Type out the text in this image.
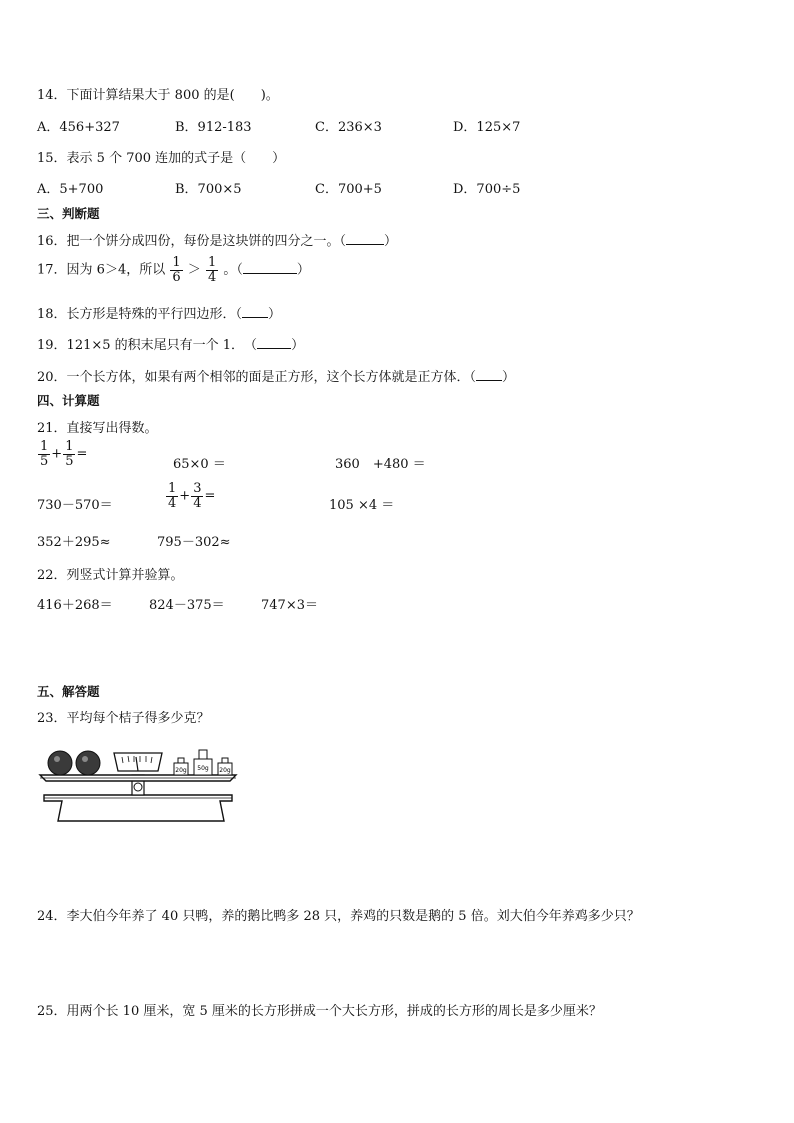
14．下面计算结果大于 800 的是(　　)。
A．456+327	B．912-183	C．236×3	D．125×7
15．表示 5 个 700 连加的式子是（　　）
A．5+700	B．700×5	C．700+5	D．700÷5
三、判断题
16．把一个饼分成四份，每份是这块饼的四分之一。（	）
17．因为 6＞4，所以 $\frac{1}{6} > \frac{1}{4}$ 。（	）
18．长方形是特殊的平行四边形．（ ）
19．121×5 的积末尾只有一个 1．　（	）
20．一个长方体，如果有两个相邻的面是正方形，这个长方体就是正方体．（ ）
四、计算题
21．直接写出得数。
$\frac{1}{5} + \frac{1}{5}$ =
65×0 ＝	360　+480 ＝
730－570＝	$\frac{1}{4} + \frac{3}{4}$ =
105 ×4 ＝
352＋295≈	795－302≈
22．列竖式计算并验算。
416＋268＝	824－375＝	747×3＝
五、解答题
23．平均每个桔子得多少克？
20g 50g 20g
24．李大伯今年养了 40 只鸭，养的鹅比鸭多 28 只，养鸡的只数是鹅的 5 倍。刘大伯今年养鸡多少只？
25．用两个长 10 厘米，宽 5 厘米的长方形拼成一个大长方形，拼成的长方形的周长是多少厘米？
